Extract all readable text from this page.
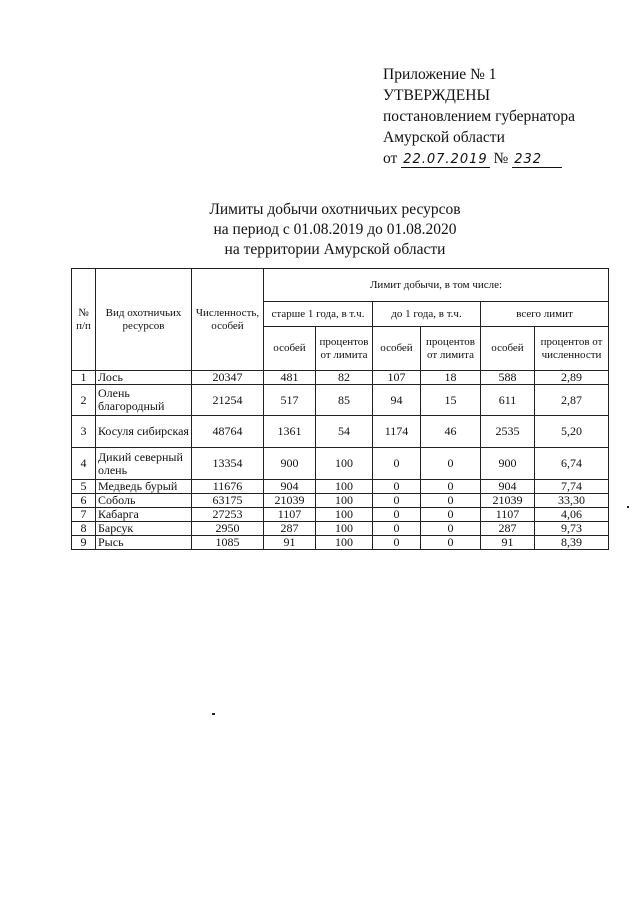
Приложение № 1
УТВЕРЖДЕНЫ
постановлением губернатора
Амурской области
от 22.07.2019 № 232
Лимиты добычи охотничьих ресурсов
на период с 01.08.2019 до 01.08.2020
на территории Амурской области
№ п/п	Вид охотничьих ресурсов	Численность, особей	Лимит добычи, в том числе:					
			старше 1 года, в т.ч.		до 1 года, в т.ч.		всего лимит	
			особей	процентов от лимита	особей	процентов от лимита	особей	процентов от численности
1	Лось	20347	481	82	107	18	588	2,89
2	Олень благородный	21254	517	85	94	15	611	2,87
3	Косуля сибирская	48764	1361	54	1174	46	2535	5,20
4	Дикий северный олень	13354	900	100	0	0	900	6,74
5	Медведь бурый	11676	904	100	0	0	904	7,74
6	Соболь	63175	21039	100	0	0	21039	33,30
7	Кабарга	27253	1107	100	0	0	1107	4,06
8	Барсук	2950	287	100	0	0	287	9,73
9	Рысь	1085	91	100	0	0	91	8,39
